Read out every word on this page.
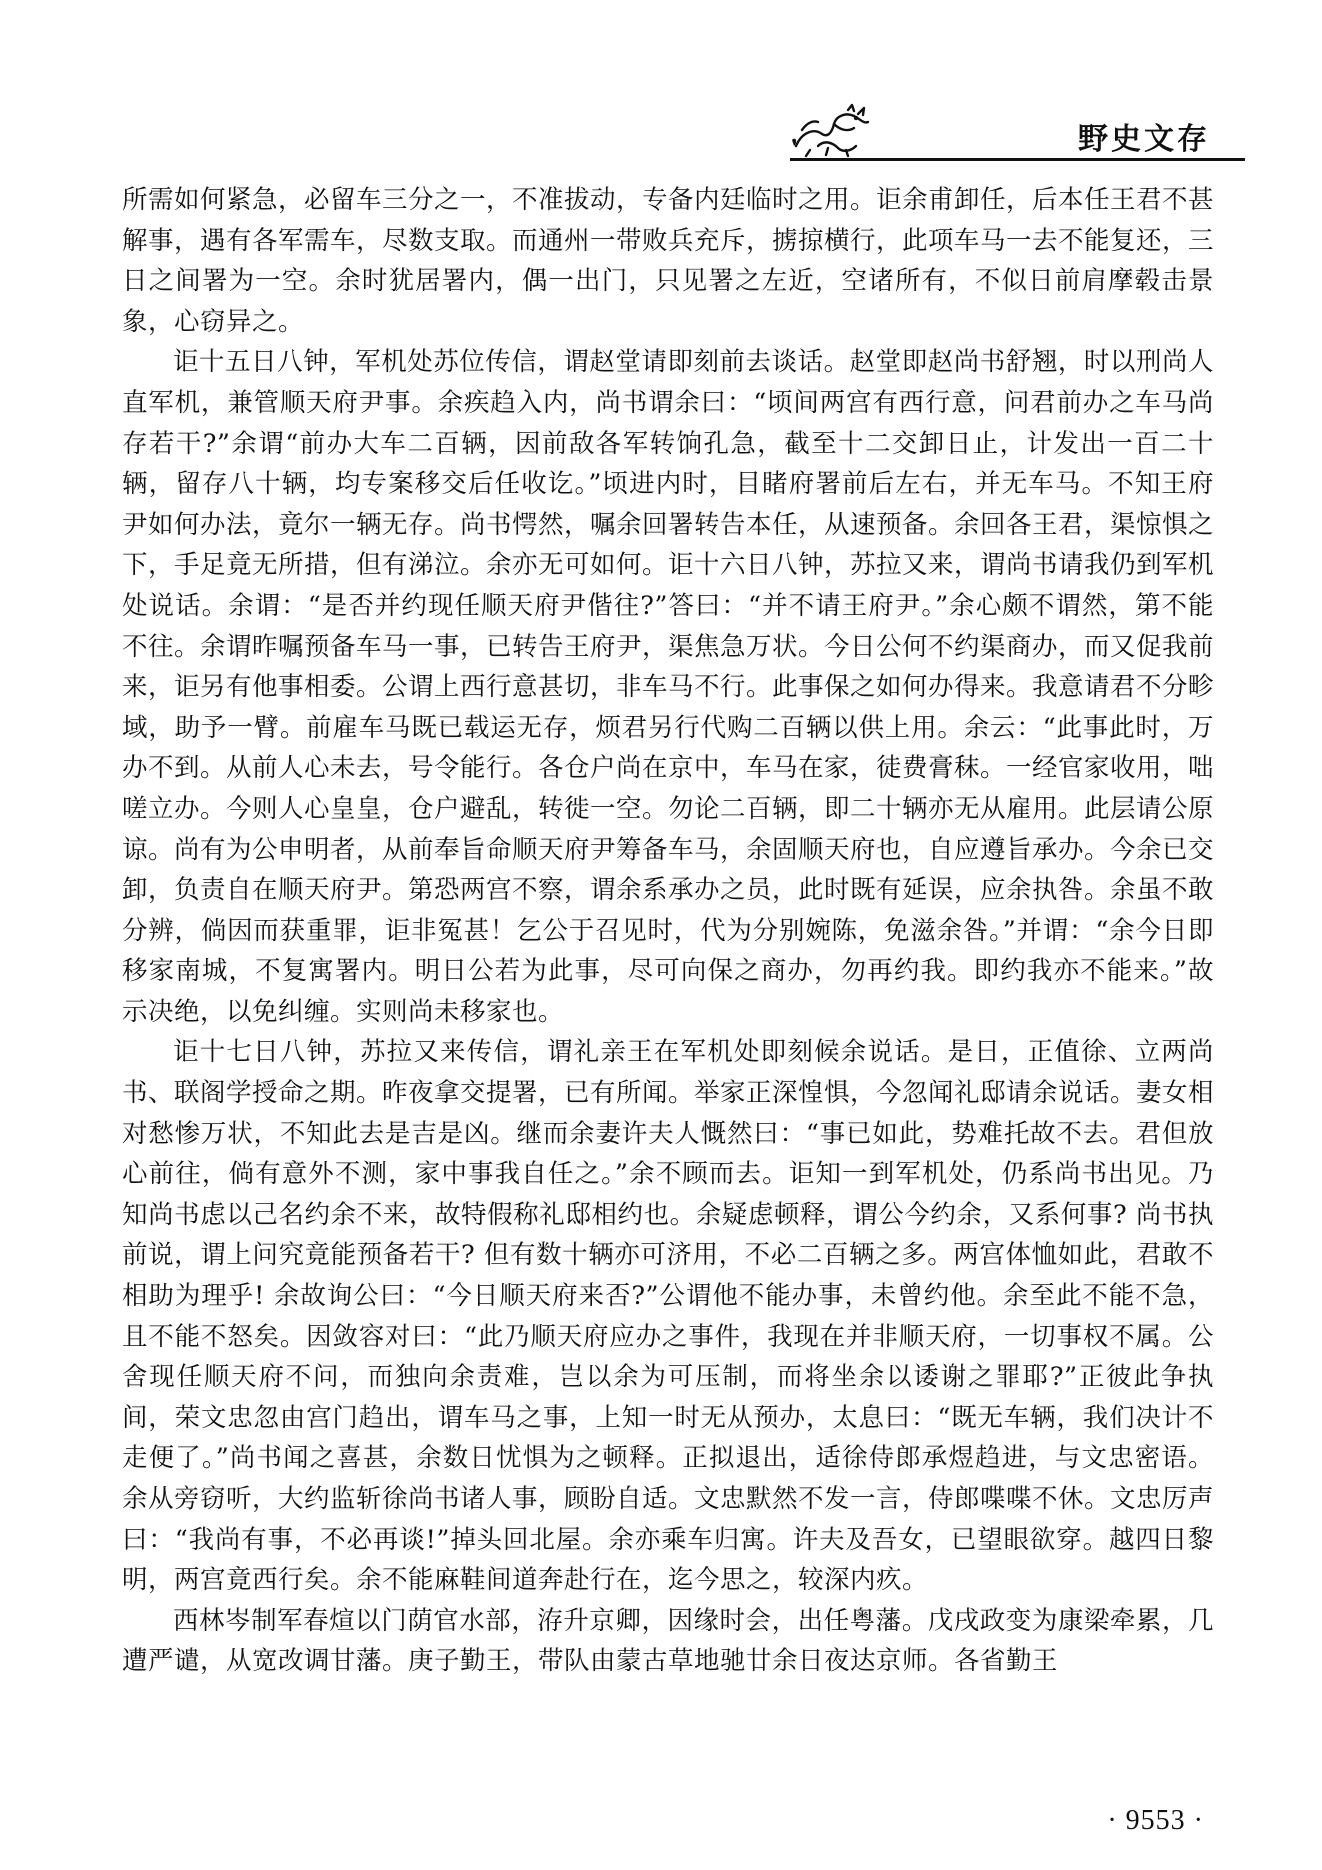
野史文存

所需如何紧急，必留车三分之一，不准拔动，专备内廷临时之用。讵余甫卸任，后本任王君不甚解事，遇有各军需车，尽数支取。而通州一带败兵充斥，掳掠横行，此项车马一去不能复还，三日之间署为一空。余时犹居署内，偶一出门，只见署之左近，空诸所有，不似日前肩摩毂击景象，心窃异之。

讵十五日八钟，军机处苏位传信，谓赵堂请即刻前去谈话。赵堂即赵尚书舒翘，时以刑尚人直军机，兼管顺天府尹事。余疾趋入内，尚书谓余曰：“顷间两宫有西行意，问君前办之车马尚存若干?”余谓“前办大车二百辆，因前敌各军转饷孔急，截至十二交卸日止，计发出一百二十辆，留存八十辆，均专案移交后任收讫。”顷进内时，目睹府署前后左右，并无车马。不知王府尹如何办法，竟尔一辆无存。尚书愕然，嘱余回署转告本任，从速预备。余回各王君，渠惊惧之下，手足竟无所措，但有涕泣。余亦无可如何。讵十六日八钟，苏拉又来，谓尚书请我仍到军机处说话。余谓：“是否并约现任顺天府尹偕往?”答曰：“并不请王府尹。”余心颇不谓然，第不能不往。余谓昨嘱预备车马一事，已转告王府尹，渠焦急万状。今日公何不约渠商办，而又促我前来，讵另有他事相委。公谓上西行意甚切，非车马不行。此事保之如何办得来。我意请君不分畛域，助予一臂。前雇车马既已载运无存，烦君另行代购二百辆以供上用。余云：“此事此时，万办不到。从前人心未去，号令能行。各仓户尚在京中，车马在家，徒费膏秣。一经官家收用，咄嗟立办。今则人心皇皇，仓户避乱，转徙一空。勿论二百辆，即二十辆亦无从雇用。此层请公原谅。尚有为公申明者，从前奉旨命顺天府尹筹备车马，余固顺天府也，自应遵旨承办。今余已交卸，负责自在顺天府尹。第恐两宫不察，谓余系承办之员，此时既有延误，应余执咎。余虽不敢分辨，倘因而获重罪，讵非冤甚！乞公于召见时，代为分别婉陈，免滋余咎。”并谓：“余今日即移家南城，不复寓署内。明日公若为此事，尽可向保之商办，勿再约我。即约我亦不能来。”故示决绝，以免纠缠。实则尚未移家也。

讵十七日八钟，苏拉又来传信，谓礼亲王在军机处即刻候余说话。是日，正值徐、立两尚书、联阁学授命之期。昨夜拿交提署，已有所闻。举家正深惶惧，今忽闻礼邸请余说话。妻女相对愁惨万状，不知此去是吉是凶。继而余妻许夫人慨然曰：“事已如此，势难托故不去。君但放心前往，倘有意外不测，家中事我自任之。”余不顾而去。讵知一到军机处，仍系尚书出见。乃知尚书虑以己名约余不来，故特假称礼邸相约也。余疑虑顿释，谓公今约余，又系何事? 尚书执前说，谓上问究竟能预备若干? 但有数十辆亦可济用，不必二百辆之多。两宫体恤如此，君敢不相助为理乎! 余故询公曰：“今日顺天府来否?”公谓他不能办事，未曾约他。余至此不能不急，且不能不怒矣。因敛容对曰：“此乃顺天府应办之事件，我现在并非顺天府，一切事权不属。公舍现任顺天府不问，而独向余责难，岂以余为可压制，而将坐余以诿谢之罪耶?”正彼此争执间，荣文忠忽由宫门趋出，谓车马之事，上知一时无从预办，太息曰：“既无车辆，我们决计不走便了。”尚书闻之喜甚，余数日忧惧为之顿释。正拟退出，适徐侍郎承煜趋进，与文忠密语。余从旁窃听，大约监斩徐尚书诸人事，顾盼自适。文忠默然不发一言，侍郎喋喋不休。文忠厉声曰：“我尚有事，不必再谈!”掉头回北屋。余亦乘车归寓。许夫及吾女，已望眼欲穿。越四日黎明，两宫竟西行矣。余不能麻鞋间道奔赴行在，迄今思之，较深内疚。

西林岑制军春煊以门荫官水部，洊升京卿，因缘时会，出任粤藩。戊戌政变为康梁牵累，几遭严谴，从宽改调甘藩。庚子勤王，带队由蒙古草地驰廿余日夜达京师。各省勤王

· 9553 ·
